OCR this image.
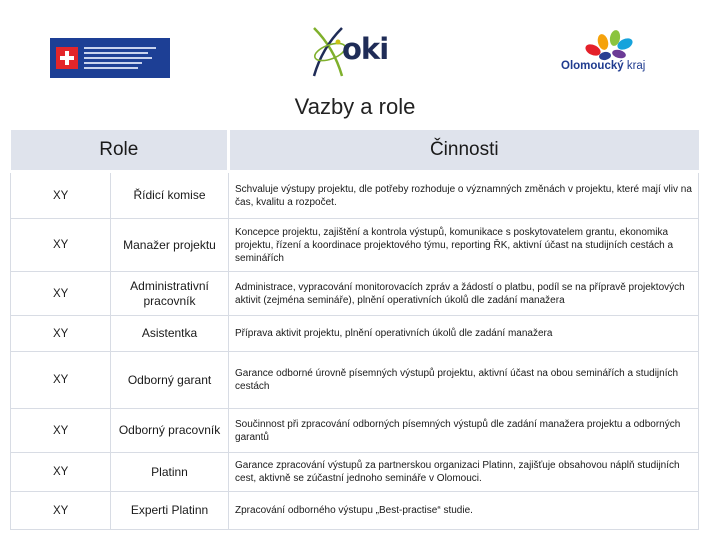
oki	Olomoucký kraj
Vazby a role
Role		Činnosti
XY	Řídicí komise	Schvaluje výstupy projektu, dle potřeby rozhoduje o významných změnách v projektu, které mají vliv na čas, kvalitu a rozpočet.
XY	Manažer projektu	Koncepce projektu, zajištění a kontrola výstupů, komunikace s poskytovatelem grantu, ekonomika projektu, řízení a koordinace projektového týmu, reporting ŘK, aktivní účast na studijních cestách a seminářích
XY	Administrativní pracovník	Administrace, vypracování monitorovacích zpráv a žádostí o platbu, podíl se na přípravě projektových aktivit (zejména semináře), plnění operativních úkolů dle zadání manažera
XY	Asistentka	Příprava aktivit projektu, plnění operativních úkolů dle zadání manažera
XY	Odborný garant	Garance odborné úrovně písemných výstupů projektu, aktivní účast na obou seminářích a studijních cestách
XY	Odborný pracovník	Součinnost při zpracování odborných písemných výstupů dle zadání manažera projektu a odborných garantů
XY	Platinn	Garance zpracování výstupů za partnerskou organizaci Platinn, zajišťuje obsahovou náplň studijních cest, aktivně se zúčastní jednoho semináře v Olomouci.
XY	Experti Platinn	Zpracování odborného výstupu „Best-practise“ studie.
